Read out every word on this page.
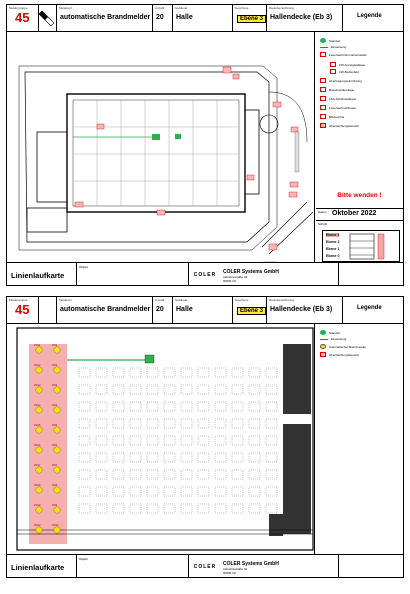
Meldergruppe
45
Melderart
automatische Brandmelder
Anzahl
20
Gebäude
Halle
Geschoss
Ebene 3
Raumbezeichnung
Hallendecke (Eb 3)	Legende
Standort
Einweisung
Feuerwehrinformationsstelle
FW-Anzeigetableau
FW-Bedienfeld
Übertragungseinrichtung
Brandmeldeanlage
FSK-Schlüsseldepot
Feuerwehrschlüssel
Blitzleuchte
Überwachungsbereich
Bitte wenden !
Datum Oktober 2022
Schnitt
Ebene 3
Ebene 2
Ebene 1
Ebene 0
Linienlaufkarte
Objekt
COLER	COLER Systems GmbH
Industriestraße 34
00000 Ort
Meldergruppe
45
Melderart
automatische Brandmelder
Anzahl
20
Gebäude
Halle
Geschoss
Ebene 3
Raumbezeichnung
Hallendecke (Eb 3)	Legende
45/11
45/12
45/13
45/14
45/15
45/16
45/17
45/18
45/19
45/20
45/1
45/2
45/3
45/4
45/5
45/6
45/7
45/8
45/9
45/10
Standort
Einweisung
Automatischer Brandmelder
Überwachungsbereich
Linienlaufkarte
Objekt
COLER	COLER Systems GmbH
Industriestraße 34
00000 Ort
